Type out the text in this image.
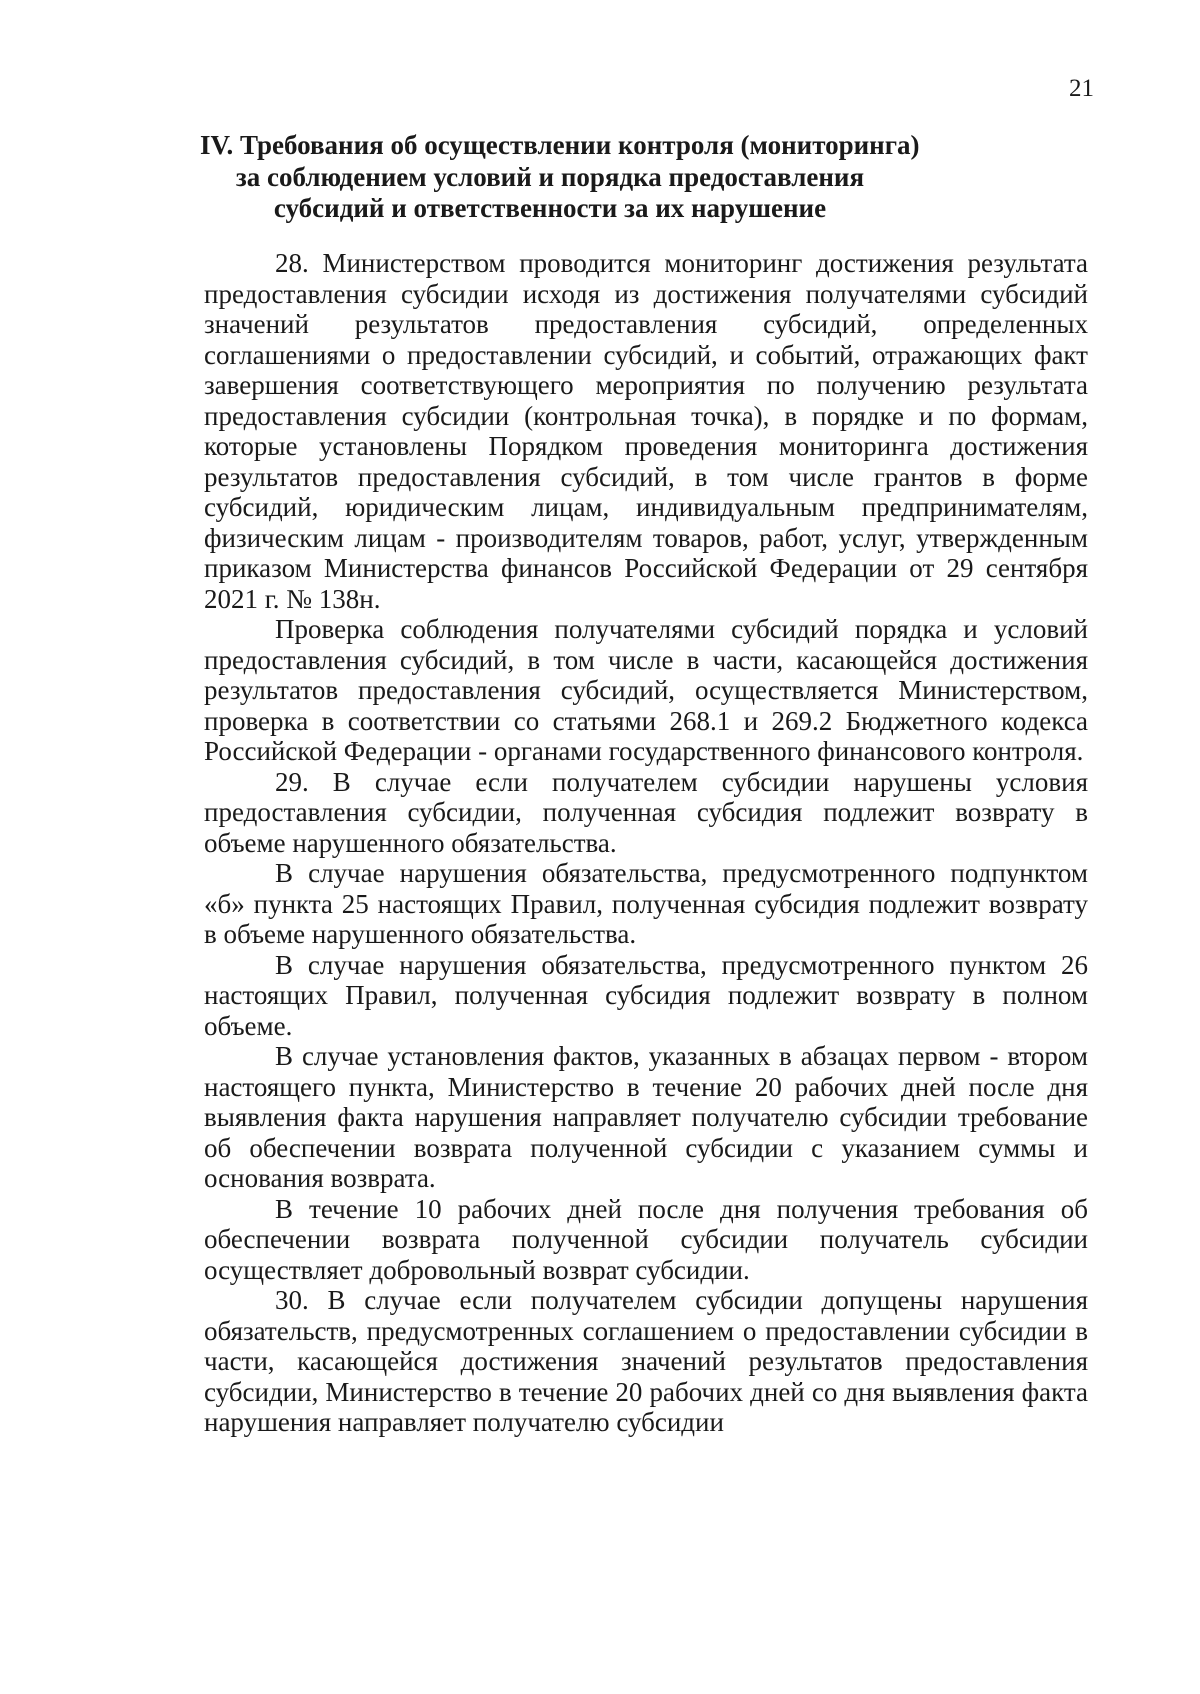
21
IV. Требования об осуществлении контроля (мониторинга)
за соблюдением условий и порядка предоставления
субсидий и ответственности за их нарушение

28. Министерством проводится мониторинг достижения результата предоставления субсидии исходя из достижения получателями субсидий значений результатов предоставления субсидий, определенных соглашениями о предоставлении субсидий, и событий, отражающих факт завершения соответствующего мероприятия по получению результата предоставления субсидии (контрольная точка), в порядке и по формам, которые установлены Порядком проведения мониторинга достижения результатов предоставления субсидий, в том числе грантов в форме субсидий, юридическим лицам, индивидуальным предпринимателям, физическим лицам - производителям товаров, работ, услуг, утвержденным приказом Министерства финансов Российской Федерации от 29 сентября 2021 г. № 138н.

Проверка соблюдения получателями субсидий порядка и условий предоставления субсидий, в том числе в части, касающейся достижения результатов предоставления субсидий, осуществляется Министерством, проверка в соответствии со статьями 268.1 и 269.2 Бюджетного кодекса Российской Федерации - органами государственного финансового контроля.

29. В случае если получателем субсидии нарушены условия предоставления субсидии, полученная субсидия подлежит возврату в объеме нарушенного обязательства.

В случае нарушения обязательства, предусмотренного подпунктом «б» пункта 25 настоящих Правил, полученная субсидия подлежит возврату в объеме нарушенного обязательства.

В случае нарушения обязательства, предусмотренного пунктом 26 настоящих Правил, полученная субсидия подлежит возврату в полном объеме.

В случае установления фактов, указанных в абзацах первом - втором настоящего пункта, Министерство в течение 20 рабочих дней после дня выявления факта нарушения направляет получателю субсидии требование об обеспечении возврата полученной субсидии с указанием суммы и основания возврата.

В течение 10 рабочих дней после дня получения требования об обеспечении возврата полученной субсидии получатель субсидии осуществляет добровольный возврат субсидии.

30. В случае если получателем субсидии допущены нарушения обязательств, предусмотренных соглашением о предоставлении субсидии в части, касающейся достижения значений результатов предоставления субсидии, Министерство в течение 20 рабочих дней со дня выявления факта нарушения направляет получателю субсидии
